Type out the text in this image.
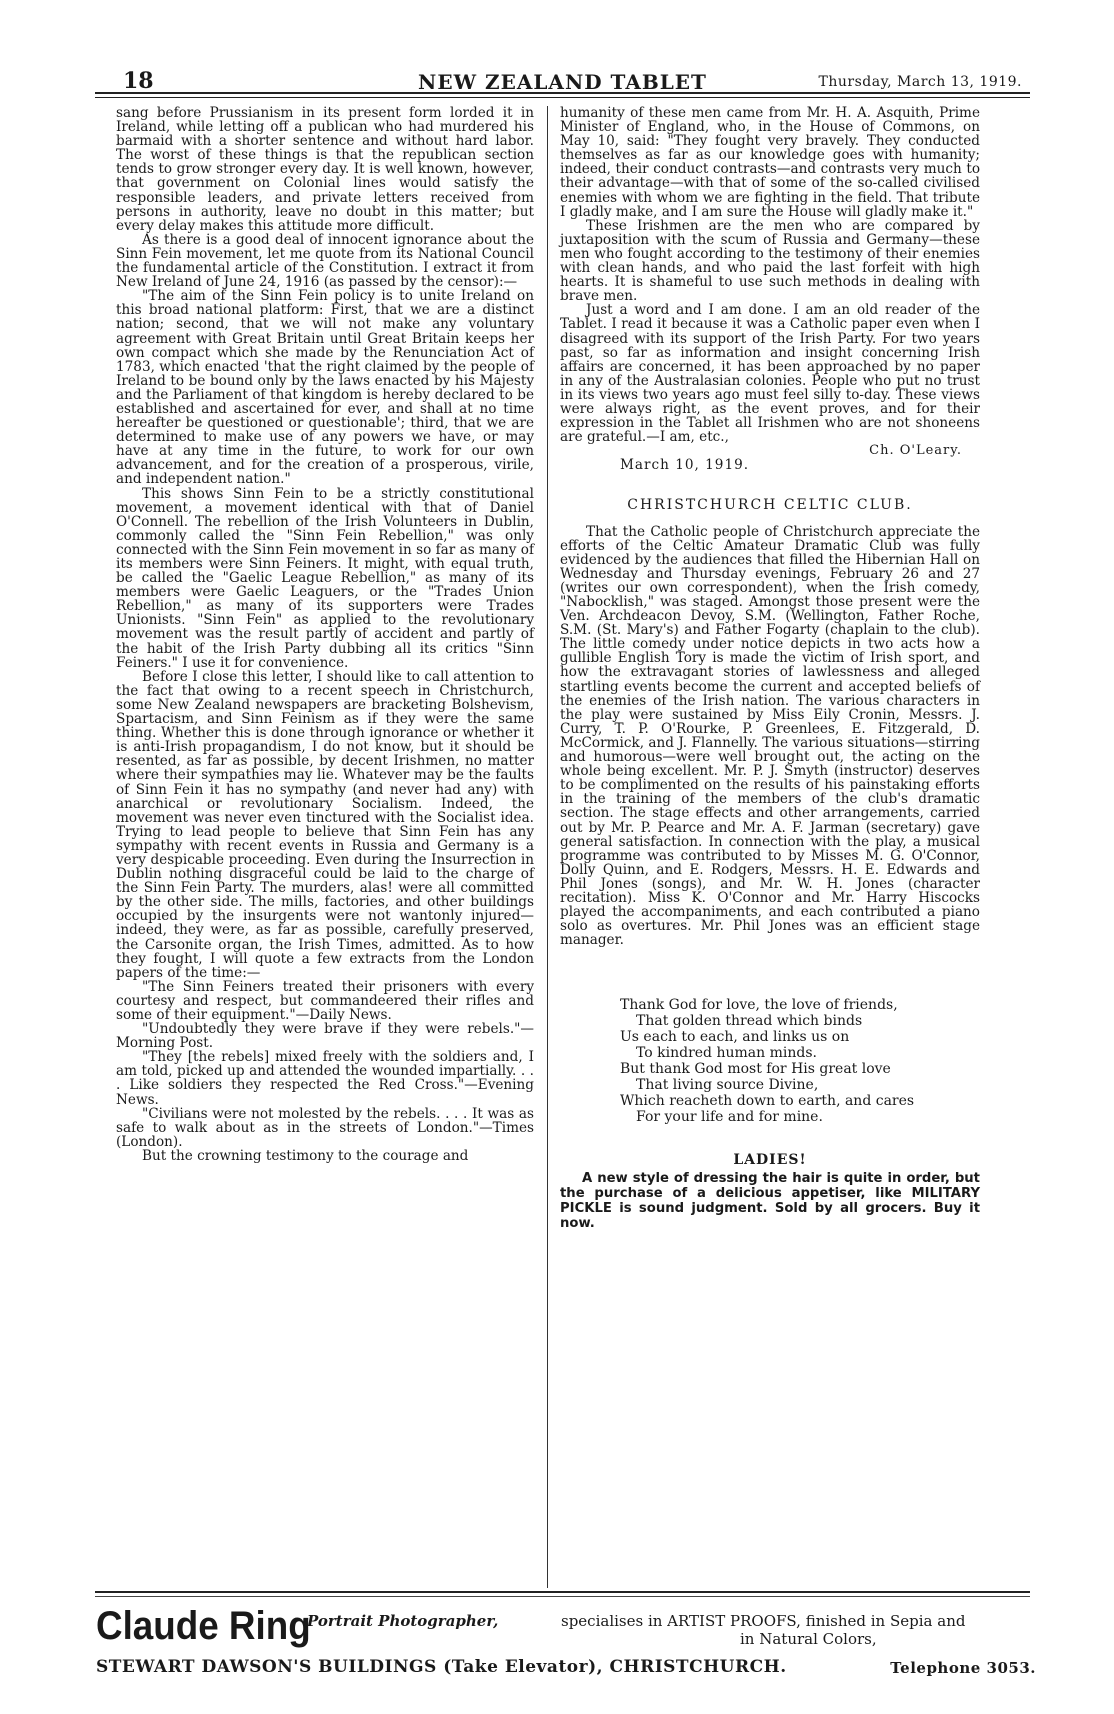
18	NEW ZEALAND TABLET	Thursday, March 13, 1919.

sang before Prussianism in its present form lorded it in Ireland, while letting off a publican who had murdered his barmaid with a shorter sentence and without hard labor. The worst of these things is that the republican section tends to grow stronger every day. It is well known, however, that government on Colonial lines would satisfy the responsible leaders, and private letters received from persons in authority, leave no doubt in this matter; but every delay makes this attitude more difficult.

As there is a good deal of innocent ignorance about the Sinn Fein movement, let me quote from its National Council the fundamental article of the Constitution. I extract it from New Ireland of June 24, 1916 (as passed by the censor):—

"The aim of the Sinn Fein policy is to unite Ireland on this broad national platform: First, that we are a distinct nation; second, that we will not make any voluntary agreement with Great Britain until Great Britain keeps her own compact which she made by the Renunciation Act of 1783, which enacted 'that the right claimed by the people of Ireland to be bound only by the laws enacted by his Majesty and the Parliament of that kingdom is hereby declared to be established and ascertained for ever, and shall at no time hereafter be questioned or questionable'; third, that we are determined to make use of any powers we have, or may have at any time in the future, to work for our own advancement, and for the creation of a prosperous, virile, and independent nation."

This shows Sinn Fein to be a strictly constitutional movement, a movement identical with that of Daniel O'Connell. The rebellion of the Irish Volunteers in Dublin, commonly called the "Sinn Fein Rebellion," was only connected with the Sinn Fein movement in so far as many of its members were Sinn Feiners. It might, with equal truth, be called the "Gaelic League Rebellion," as many of its members were Gaelic Leaguers, or the "Trades Union Rebellion," as many of its supporters were Trades Unionists. "Sinn Fein" as applied to the revolutionary movement was the result partly of accident and partly of the habit of the Irish Party dubbing all its critics "Sinn Feiners." I use it for convenience.

Before I close this letter, I should like to call attention to the fact that owing to a recent speech in Christchurch, some New Zealand newspapers are bracketing Bolshevism, Spartacism, and Sinn Feinism as if they were the same thing. Whether this is done through ignorance or whether it is anti-Irish propagandism, I do not know, but it should be resented, as far as possible, by decent Irishmen, no matter where their sympathies may lie. Whatever may be the faults of Sinn Fein it has no sympathy (and never had any) with anarchical or revolutionary Socialism. Indeed, the movement was never even tinctured with the Socialist idea. Trying to lead people to believe that Sinn Fein has any sympathy with recent events in Russia and Germany is a very despicable proceeding. Even during the Insurrection in Dublin nothing disgraceful could be laid to the charge of the Sinn Fein Party. The murders, alas! were all committed by the other side. The mills, factories, and other buildings occupied by the insurgents were not wantonly injured—indeed, they were, as far as possible, carefully preserved, the Carsonite organ, the Irish Times, admitted. As to how they fought, I will quote a few extracts from the London papers of the time:—

"The Sinn Feiners treated their prisoners with every courtesy and respect, but commandeered their rifles and some of their equipment."—Daily News.

"Undoubtedly they were brave if they were rebels."—Morning Post.

"They [the rebels] mixed freely with the soldiers and, I am told, picked up and attended the wounded impartially. . . . Like soldiers they respected the Red Cross."—Evening News.

"Civilians were not molested by the rebels. . . . It was as safe to walk about as in the streets of London."—Times (London).

But the crowning testimony to the courage and

humanity of these men came from Mr. H. A. Asquith, Prime Minister of England, who, in the House of Commons, on May 10, said: "They fought very bravely. They conducted themselves as far as our knowledge goes with humanity; indeed, their conduct contrasts—and contrasts very much to their advantage—with that of some of the so-called civilised enemies with whom we are fighting in the field. That tribute I gladly make, and I am sure the House will gladly make it."

These Irishmen are the men who are compared by juxtaposition with the scum of Russia and Germany—these men who fought according to the testimony of their enemies with clean hands, and who paid the last forfeit with high hearts. It is shameful to use such methods in dealing with brave men.

Just a word and I am done. I am an old reader of the Tablet. I read it because it was a Catholic paper even when I disagreed with its support of the Irish Party. For two years past, so far as information and insight concerning Irish affairs are concerned, it has been approached by no paper in any of the Australasian colonies. People who put no trust in its views two years ago must feel silly to-day. These views were always right, as the event proves, and for their expression in the Tablet all Irishmen who are not shoneens are grateful.—I am, etc.,

Ch. O'Leary.
March 10, 1919.
CHRISTCHURCH CELTIC CLUB.

That the Catholic people of Christchurch appreciate the efforts of the Celtic Amateur Dramatic Club was fully evidenced by the audiences that filled the Hibernian Hall on Wednesday and Thursday evenings, February 26 and 27 (writes our own correspondent), when the Irish comedy, "Nabocklish," was staged. Amongst those present were the Ven. Archdeacon Devoy, S.M. (Wellington, Father Roche, S.M. (St. Mary's) and Father Fogarty (chaplain to the club). The little comedy under notice depicts in two acts how a gullible English Tory is made the victim of Irish sport, and how the extravagant stories of lawlessness and alleged startling events become the current and accepted beliefs of the enemies of the Irish nation. The various characters in the play were sustained by Miss Eily Cronin, Messrs. J. Curry, T. P. O'Rourke, P. Greenlees, E. Fitzgerald, D. McCormick, and J. Flannelly. The various situations—stirring and humorous—were well brought out, the acting on the whole being excellent. Mr. P. J. Smyth (instructor) deserves to be complimented on the results of his painstaking efforts in the training of the members of the club's dramatic section. The stage effects and other arrangements, carried out by Mr. P. Pearce and Mr. A. F. Jarman (secretary) gave general satisfaction. In connection with the play, a musical programme was contributed to by Misses M. G. O'Connor, Dolly Quinn, and E. Rodgers, Messrs. H. E. Edwards and Phil Jones (songs), and Mr. W. H. Jones (character recitation). Miss K. O'Connor and Mr. Harry Hiscocks played the accompaniments, and each contributed a piano solo as overtures. Mr. Phil Jones was an efficient stage manager.

Thank God for love, the love of friends,
That golden thread which binds
Us each to each, and links us on
To kindred human minds.
But thank God most for His great love
That living source Divine,
Which reacheth down to earth, and cares
For your life and for mine.
LADIES!

A new style of dressing the hair is quite in order, but the purchase of a delicious appetiser, like MILITARY PICKLE is sound judgment. Sold by all grocers. Buy it now.

Claude Ring
Portrait Photographer,	specialises in ARTIST PROOFS, finished in Sepia and
in Natural Colors,
STEWART DAWSON'S BUILDINGS (Take Elevator), CHRISTCHURCH.	Telephone 3053.
